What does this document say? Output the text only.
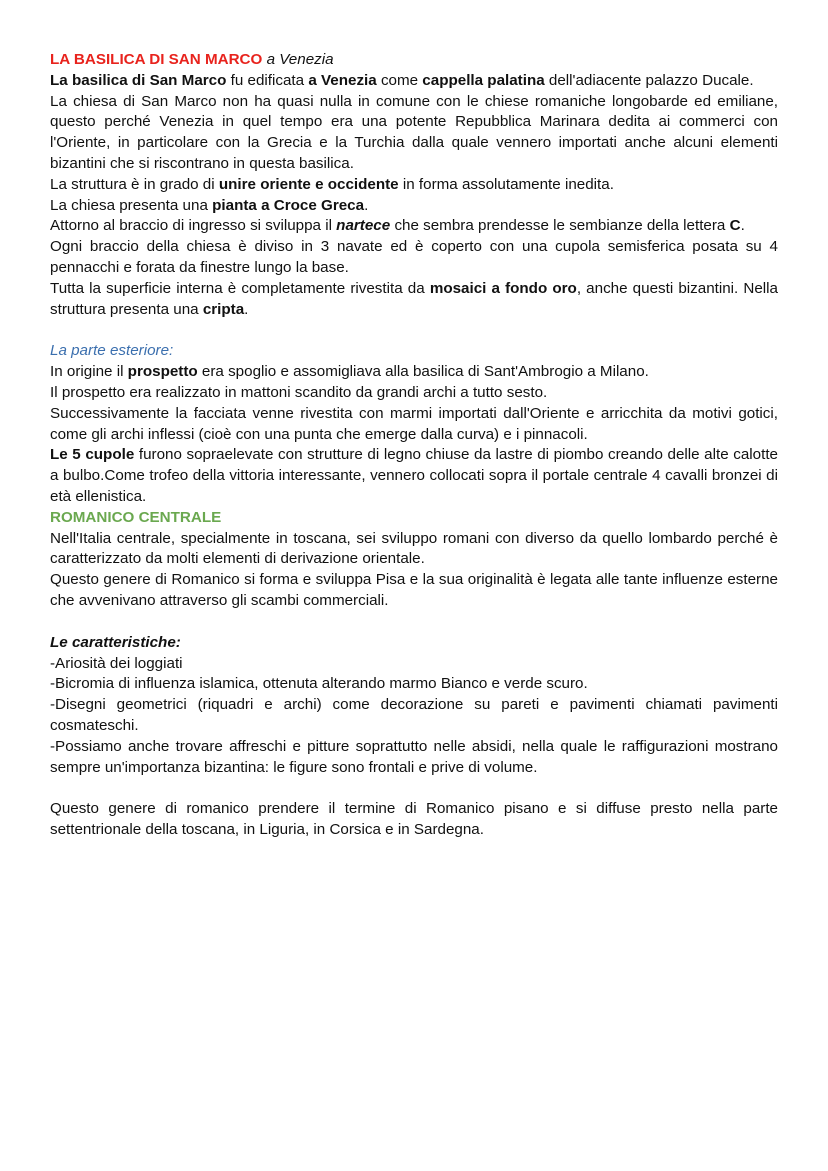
LA BASILICA DI SAN MARCO a Venezia

La basilica di San Marco fu edificata a Venezia come cappella palatina dell'adiacente palazzo Ducale.

La chiesa di San Marco non ha quasi nulla in comune con le chiese romaniche longobarde ed emiliane, questo perché Venezia in quel tempo era una potente Repubblica Marinara dedita ai commerci con l'Oriente, in particolare con la Grecia e la Turchia dalla quale vennero importati anche alcuni elementi bizantini che si riscontrano in questa basilica.

La struttura è in grado di unire oriente e occidente in forma assolutamente inedita.

La chiesa presenta una pianta a Croce Greca.

Attorno al braccio di ingresso si sviluppa il nartece che sembra prendesse le sembianze della lettera C.

Ogni braccio della chiesa è diviso in 3 navate ed è coperto con una cupola semisferica posata su 4 pennacchi e forata da finestre lungo la base.

Tutta la superficie interna è completamente rivestita da mosaici a fondo oro, anche questi bizantini. Nella struttura presenta una cripta.

La parte esteriore:

In origine il prospetto era spoglio e assomigliava alla basilica di Sant'Ambrogio a Milano.

Il prospetto era realizzato in mattoni scandito da grandi archi a tutto sesto.

Successivamente la facciata venne rivestita con marmi importati dall'Oriente e arricchita da motivi gotici, come gli archi inflessi (cioè con una punta che emerge dalla curva) e i pinnacoli.

Le 5 cupole furono sopraelevate con strutture di legno chiuse da lastre di piombo creando delle alte calotte a bulbo.Come trofeo della vittoria interessante, vennero collocati sopra il portale centrale 4 cavalli bronzei di età ellenistica.

ROMANICO CENTRALE

Nell'Italia centrale, specialmente in toscana, sei sviluppo romani con diverso da quello lombardo perché è caratterizzato da molti elementi di derivazione orientale.

Questo genere di Romanico si forma e sviluppa Pisa e la sua originalità è legata alle tante influenze esterne che avvenivano attraverso gli scambi commerciali.

Le caratteristiche:

-Ariosità dei loggiati

-Bicromia di influenza islamica, ottenuta alterando marmo Bianco e verde scuro.

-Disegni geometrici (riquadri e archi) come decorazione su pareti e pavimenti chiamati pavimenti cosmateschi.

-Possiamo anche trovare affreschi e pitture soprattutto nelle absidi, nella quale le raffigurazioni mostrano sempre un'importanza bizantina: le figure sono frontali e prive di volume.

Questo genere di romanico prendere il termine di Romanico pisano e si diffuse presto nella parte settentrionale della toscana, in Liguria, in Corsica e in Sardegna.
